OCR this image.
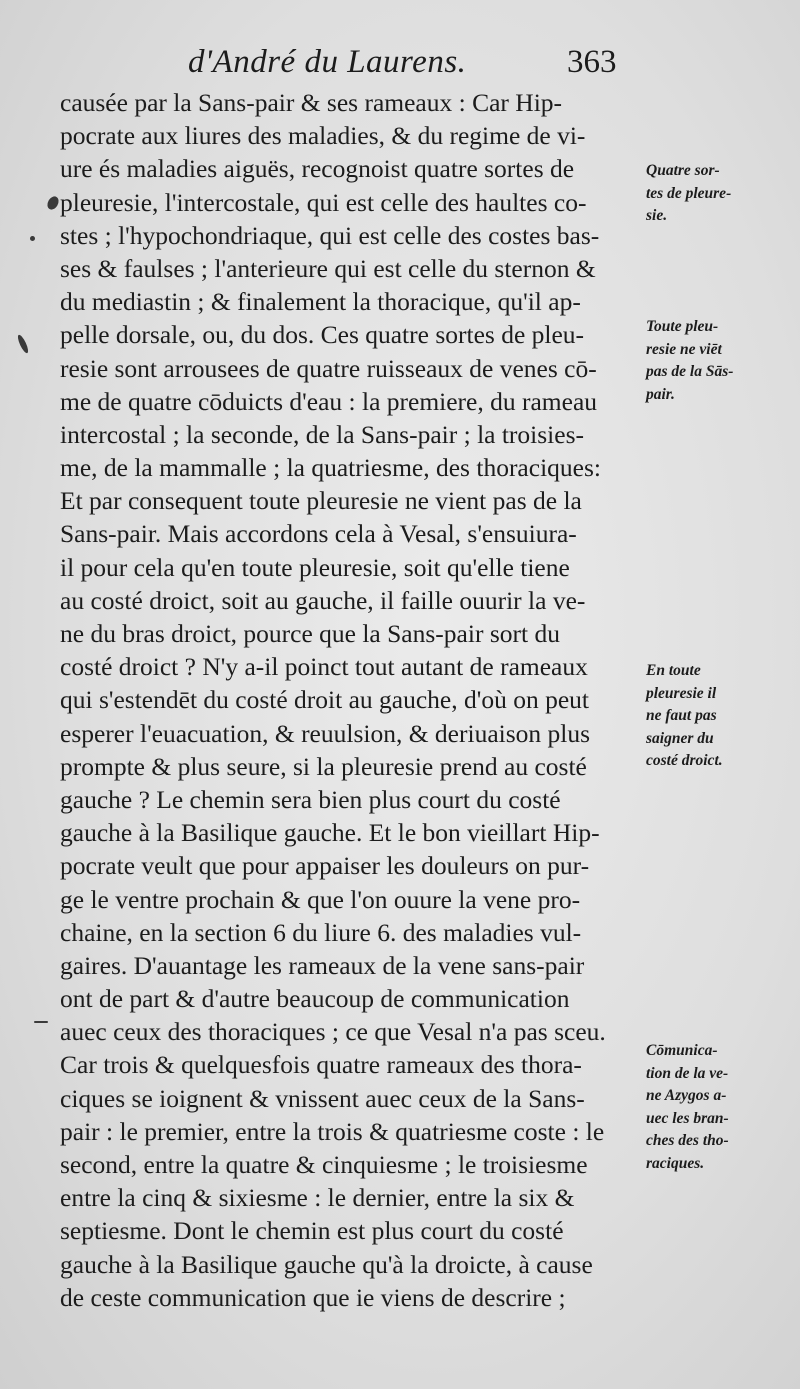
d'André du Laurens.	363
causée par la Sans-pair & ses rameaux : Car Hip-
pocrate aux liures des maladies, & du regime de vi-
ure és maladies aiguës, recognoist quatre sortes de
pleuresie, l'intercostale, qui est celle des haultes co-
stes ; l'hypochondriaque, qui est celle des costes bas-
ses & faulses ; l'anterieure qui est celle du sternon &
du mediastin ; & finalement la thoracique, qu'il ap-
pelle dorsale, ou, du dos. Ces quatre sortes de pleu-
resie sont arrousees de quatre ruisseaux de venes cō-
me de quatre cōduicts d'eau : la premiere, du rameau
intercostal ; la seconde, de la Sans-pair ; la troisies-
me, de la mammalle ; la quatriesme, des thoraciques:
Et par consequent toute pleuresie ne vient pas de la
Sans-pair. Mais accordons cela à Vesal, s'ensuiura-
il pour cela qu'en toute pleuresie, soit qu'elle tiene
au costé droict, soit au gauche, il faille ouurir la ve-
ne du bras droict, pource que la Sans-pair sort du
costé droict ? N'y a-il poinct tout autant de rameaux
qui s'estendēt du costé droit au gauche, d'où on peut
esperer l'euacuation, & reuulsion, & deriuaison plus
prompte & plus seure, si la pleuresie prend au costé
gauche ? Le chemin sera bien plus court du costé
gauche à la Basilique gauche. Et le bon vieillart Hip-
pocrate veult que pour appaiser les douleurs on pur-
ge le ventre prochain & que l'on ouure la vene pro-
chaine, en la section 6 du liure 6. des maladies vul-
gaires. D'auantage les rameaux de la vene sans-pair
ont de part & d'autre beaucoup de communication
auec ceux des thoraciques ; ce que Vesal n'a pas sceu.
Car trois & quelquesfois quatre rameaux des thora-
ciques se ioignent & vnissent auec ceux de la Sans-
pair : le premier, entre la trois & quatriesme coste : le
second, entre la quatre & cinquiesme ; le troisiesme
entre la cinq & sixiesme : le dernier, entre la six &
septiesme. Dont le chemin est plus court du costé
gauche à la Basilique gauche qu'à la droicte, à cause
de ceste communication que ie viens de descrire ;
Quatre sor-
tes de pleure-
sie.
Toute pleu-
resie ne viēt
pas de la Sās-
pair.
En toute
pleuresie il
ne faut pas
saigner du
costé droict.
Cōmunica-
tion de la ve-
ne Azygos a-
uec les bran-
ches des tho-
raciques.
